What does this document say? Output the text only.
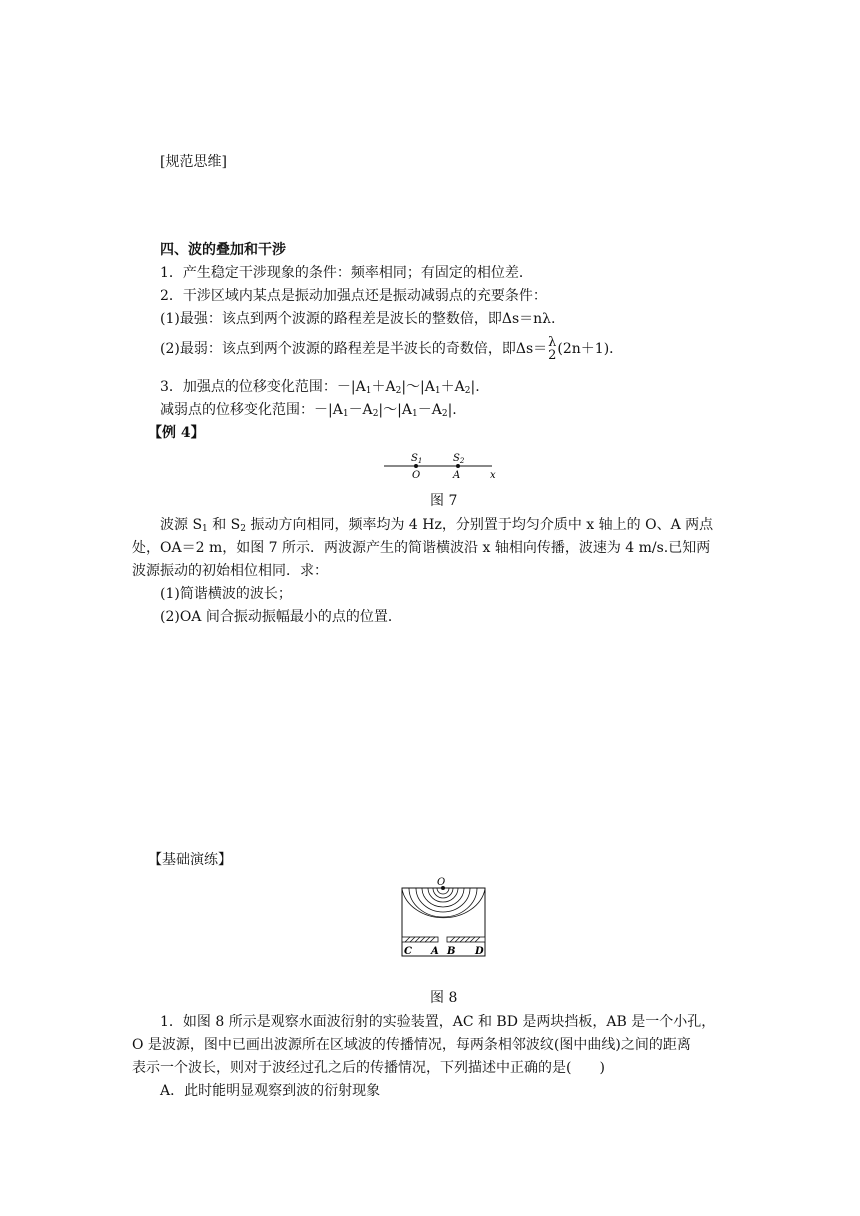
[规范思维]
四、波的叠加和干涉
1．产生稳定干涉现象的条件：频率相同；有固定的相位差．
2．干涉区域内某点是振动加强点还是振动减弱点的充要条件：
(1)最强：该点到两个波源的路程差是波长的整数倍，即Δs＝nλ.
(2)最弱：该点到两个波源的路程差是半波长的奇数倍，即Δs＝ λ
2 (2n＋1)．
3．加强点的位移变化范围：$-|A_1+A_2|\sim|A_1+A_2|$.
减弱点的位移变化范围：$-|A_1-A_2|\sim|A_1-A_2|$.
【例 4】
$S_1$	$S_2$
O	A	x
图 7
波源 $S_1$ 和 $S_2$ 振动方向相同，频率均为 4 Hz，分别置于均匀介质中 x 轴上的 O、A 两点
处，OA＝2 m，如图 7 所示．两波源产生的简谐横波沿 x 轴相向传播，波速为 4 m/s.已知两
波源振动的初始相位相同．求：
(1)简谐横波的波长；
(2)OA 间合振动振幅最小的点的位置．
【基础演练】
O
C A B D
图 8
1．如图 8 所示是观察水面波衍射的实验装置，AC 和 BD 是两块挡板，AB 是一个小孔，
O 是波源，图中已画出波源所在区域波的传播情况，每两条相邻波纹(图中曲线)之间的距离
表示一个波长，则对于波经过孔之后的传播情况，下列描述中正确的是(　　)
A．此时能明显观察到波的衍射现象
